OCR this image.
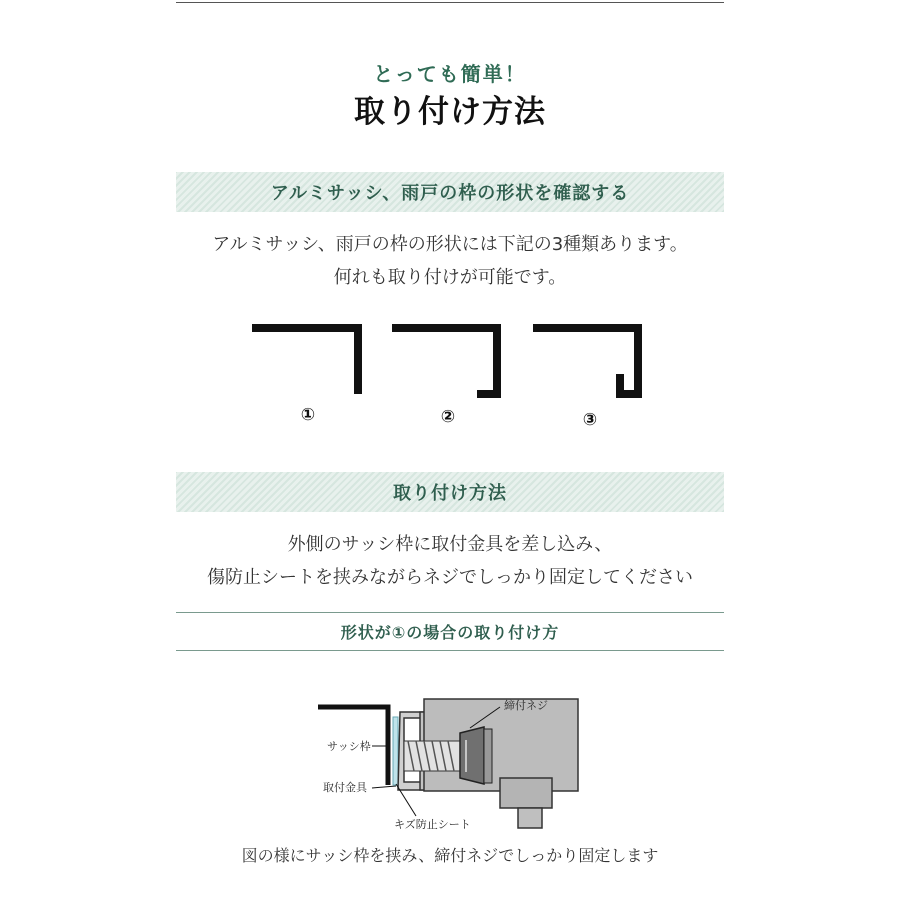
とっても簡単！
取り付け方法
アルミサッシ、雨戸の枠の形状を確認する
アルミサッシ、雨戸の枠の形状には下記の3種類あります。
何れも取り付けが可能です。
①	②	③
締付ネジ
サッシ枠
取付金具
キズ防止シート
取り付け方法
外側のサッシ枠に取付金具を差し込み、
傷防止シートを挟みながらネジでしっかり固定してください
形状が①の場合の取り付け方
図の様にサッシ枠を挟み、締付ネジでしっかり固定します
